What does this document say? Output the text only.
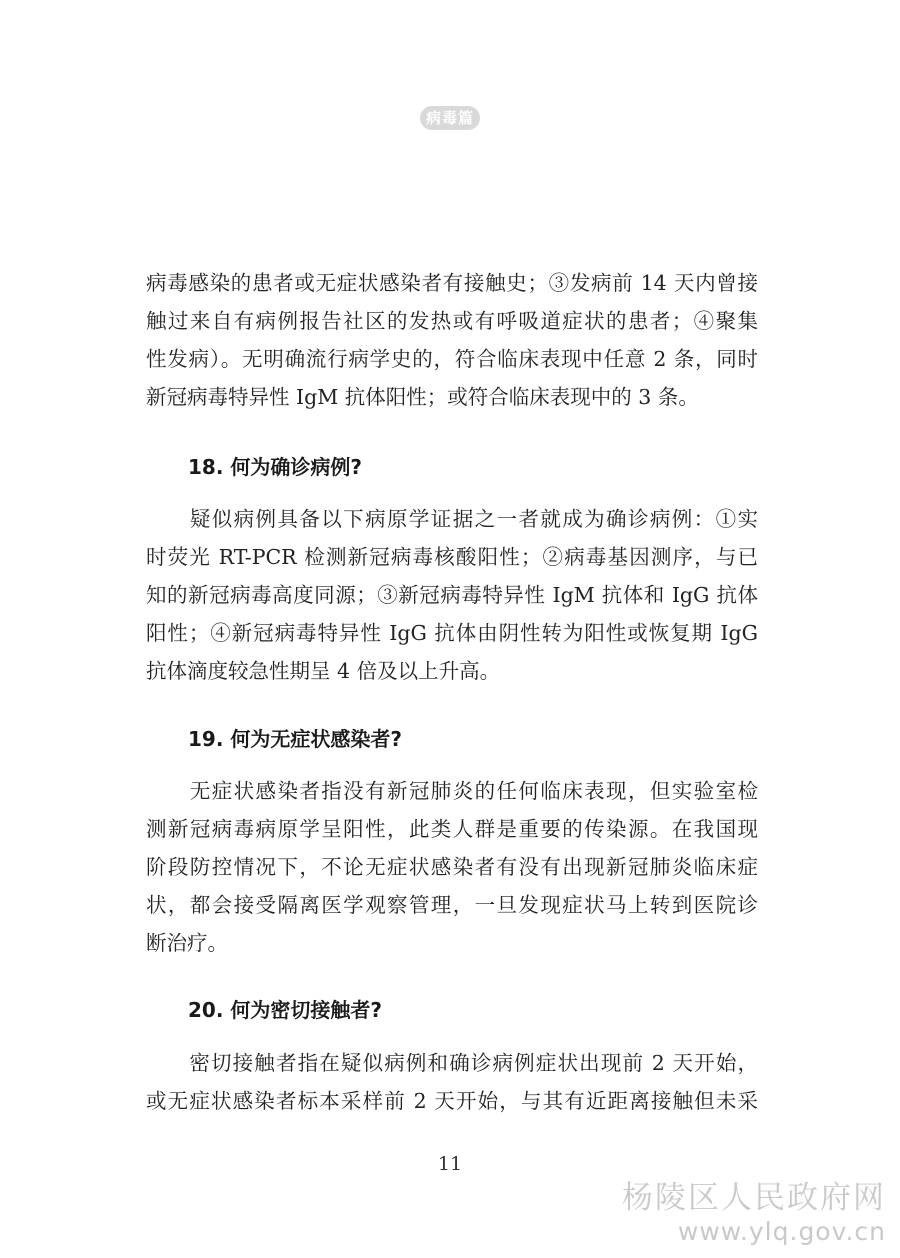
病毒篇
病毒感染的患者或无症状感染者有接触史；③发病前 14 天内曾接
触过来自有病例报告社区的发热或有呼吸道症状的患者；④聚集
性发病）。无明确流行病学史的，符合临床表现中任意 2 条，同时
新冠病毒特异性 IgM 抗体阳性；或符合临床表现中的 3 条。
18. 何为确诊病例?
　　疑似病例具备以下病原学证据之一者就成为确诊病例：①实
时荧光 RT-PCR 检测新冠病毒核酸阳性；②病毒基因测序，与已
知的新冠病毒高度同源；③新冠病毒特异性 IgM 抗体和 IgG 抗体
阳性；④新冠病毒特异性 IgG 抗体由阴性转为阳性或恢复期 IgG
抗体滴度较急性期呈 4 倍及以上升高。
19. 何为无症状感染者?
　　无症状感染者指没有新冠肺炎的任何临床表现，但实验室检
测新冠病毒病原学呈阳性，此类人群是重要的传染源。在我国现
阶段防控情况下，不论无症状感染者有没有出现新冠肺炎临床症
状，都会接受隔离医学观察管理，一旦发现症状马上转到医院诊
断治疗。
20. 何为密切接触者?
　　密切接触者指在疑似病例和确诊病例症状出现前 2 天开始，
或无症状感染者标本采样前 2 天开始，与其有近距离接触但未采
11
杨陵区人民政府网
www.ylq.gov.cn
